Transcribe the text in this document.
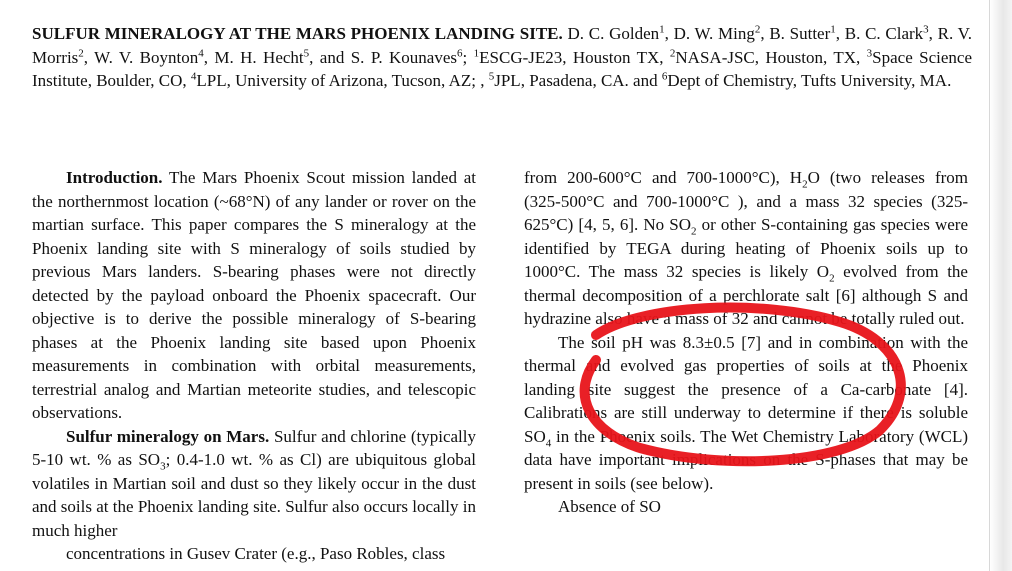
SULFUR MINERALOGY AT THE MARS PHOENIX LANDING SITE. D. C. Golden$^1$, D. W. Ming$^2$, B. Sutter$^1$, B. C. Clark$^3$, R. V. Morris$^2$, W. V. Boynton$^4$, M. H. Hecht$^5$, and S. P. Kounaves$^6$; $^1$ESCG-JE23, Houston TX, $^2$NASA-JSC, Houston, TX, $^3$Space Science Institute, Boulder, CO, $^4$LPL, University of Arizona, Tucson, AZ; , $^5$JPL, Pasadena, CA. and $^6$Dept of Chemistry, Tufts University, MA.

Introduction. The Mars Phoenix Scout mission landed at the northernmost location (~68°N) of any lander or rover on the martian surface. This paper compares the S mineralogy at the Phoenix landing site with S mineralogy of soils studied by previous Mars landers. S-bearing phases were not directly detected by the payload onboard the Phoenix spacecraft. Our objective is to derive the possible mineralogy of S-bearing phases at the Phoenix landing site based upon Phoenix measurements in combination with orbital measurements, terrestrial analog and Martian meteorite studies, and telescopic observations.

Sulfur mineralogy on Mars. Sulfur and chlorine (typically 5-10 wt. % as $SO_3$; 0.4-1.0 wt. % as Cl) are ubiquitous global volatiles in Martian soil and dust so they likely occur in the dust and soils at the Phoenix landing site. Sulfur also occurs locally in much higher

concentrations in Gusev Crater (e.g., Paso Robles, class

from 200-600°C and 700-1000°C), $H_2O$ (two releases from (325-500°C and 700-1000°C ), and a mass 32 species (325-625°C) [4, 5, 6]. No $SO_2$ or other S-containing gas species were identified by TEGA during heating of Phoenix soils up to 1000°C. The mass 32 species is likely $O_2$ evolved from the thermal decomposition of a perchlorate salt [6] although S and hydrazine also have a mass of 32 and cannot be totally ruled out.

The soil pH was 8.3±0.5 [7] and in combination with the thermal and evolved gas properties of soils at the Phoenix landing site suggest the presence of a Ca-carbonate [4]. Calibrations are still underway to determine if there is soluble $SO_4$ in the Phoenix soils. The Wet Chemistry Laboratory (WCL) data have important implications on the S-phases that may be present in soils (see below).

Absence of SO
